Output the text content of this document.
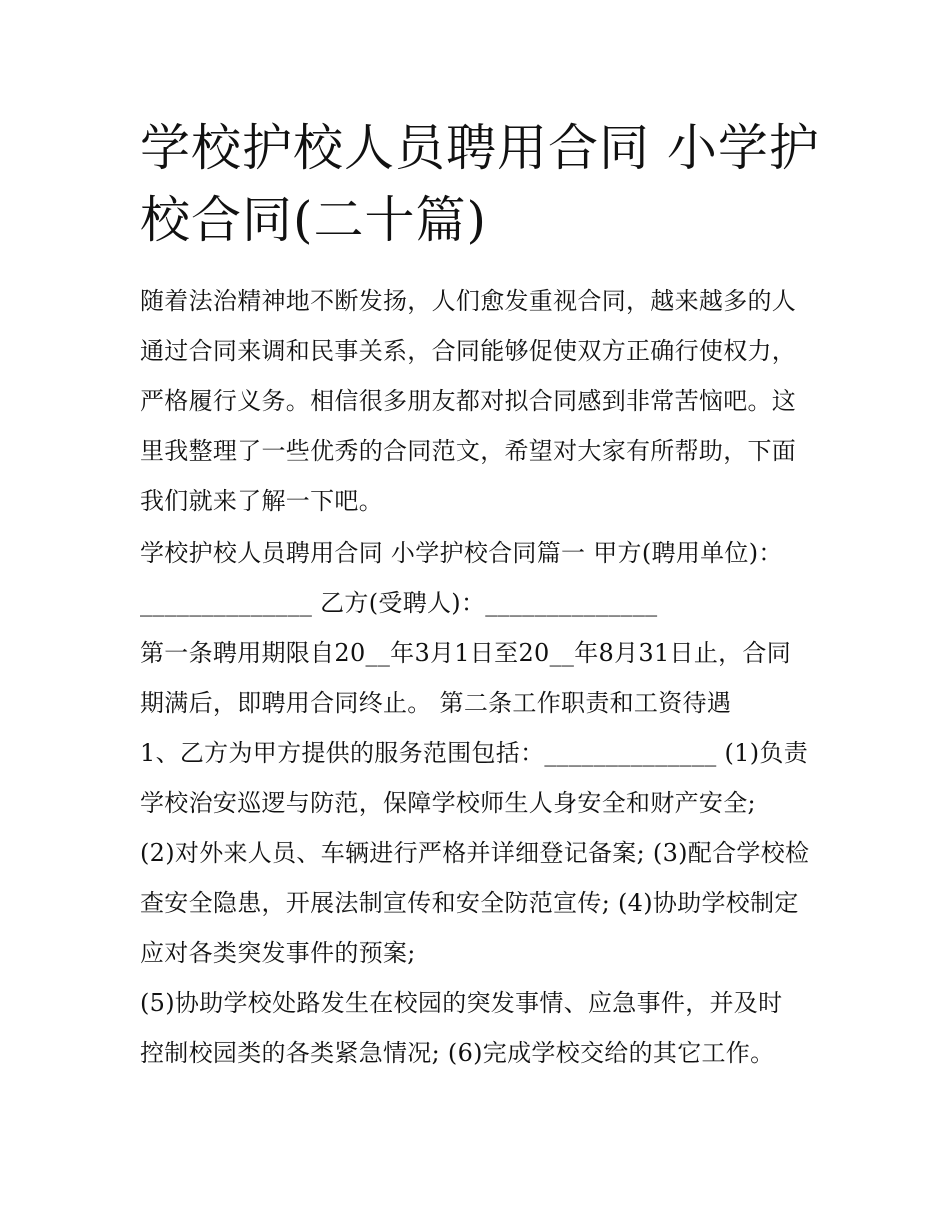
学校护校人员聘用合同 小学护
校合同(二十篇)
随着法治精神地不断发扬，人们愈发重视合同，越来越多的人
通过合同来调和民事关系，合同能够促使双方正确行使权力，
严格履行义务。相信很多朋友都对拟合同感到非常苦恼吧。这
里我整理了一些优秀的合同范文，希望对大家有所帮助，下面
我们就来了解一下吧。
学校护校人员聘用合同 小学护校合同篇一 甲方(聘用单位)：
______________ 乙方(受聘人)：______________
第一条聘用期限自20__年3月1日至20__年8月31日止，合同
期满后，即聘用合同终止。 第二条工作职责和工资待遇
1、乙方为甲方提供的服务范围包括：______________ (1)负责
学校治安巡逻与防范，保障学校师生人身安全和财产安全;
(2)对外来人员、车辆进行严格并详细登记备案; (3)配合学校检
查安全隐患，开展法制宣传和安全防范宣传; (4)协助学校制定
应对各类突发事件的预案;
(5)协助学校处路发生在校园的突发事情、应急事件，并及时
控制校园类的各类紧急情况; (6)完成学校交给的其它工作。
